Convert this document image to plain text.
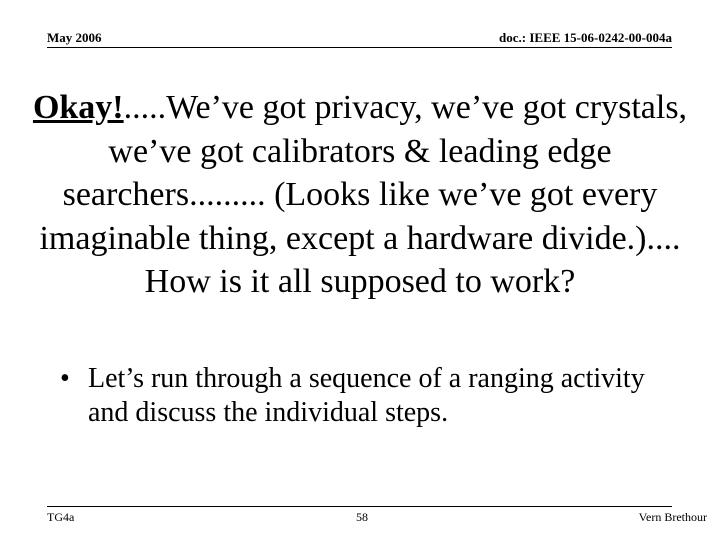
May 2006	doc.: IEEE 15-06-0242-00-004a
Okay!.....We’ve got privacy, we’ve got crystals, we’ve got calibrators & leading edge searchers......... (Looks like we’ve got every imaginable thing, except a hardware divide.).... How is it all supposed to work?
• Let’s run through a sequence of a ranging activity and discuss the individual steps.
TG4a	58	Vern Brethour
